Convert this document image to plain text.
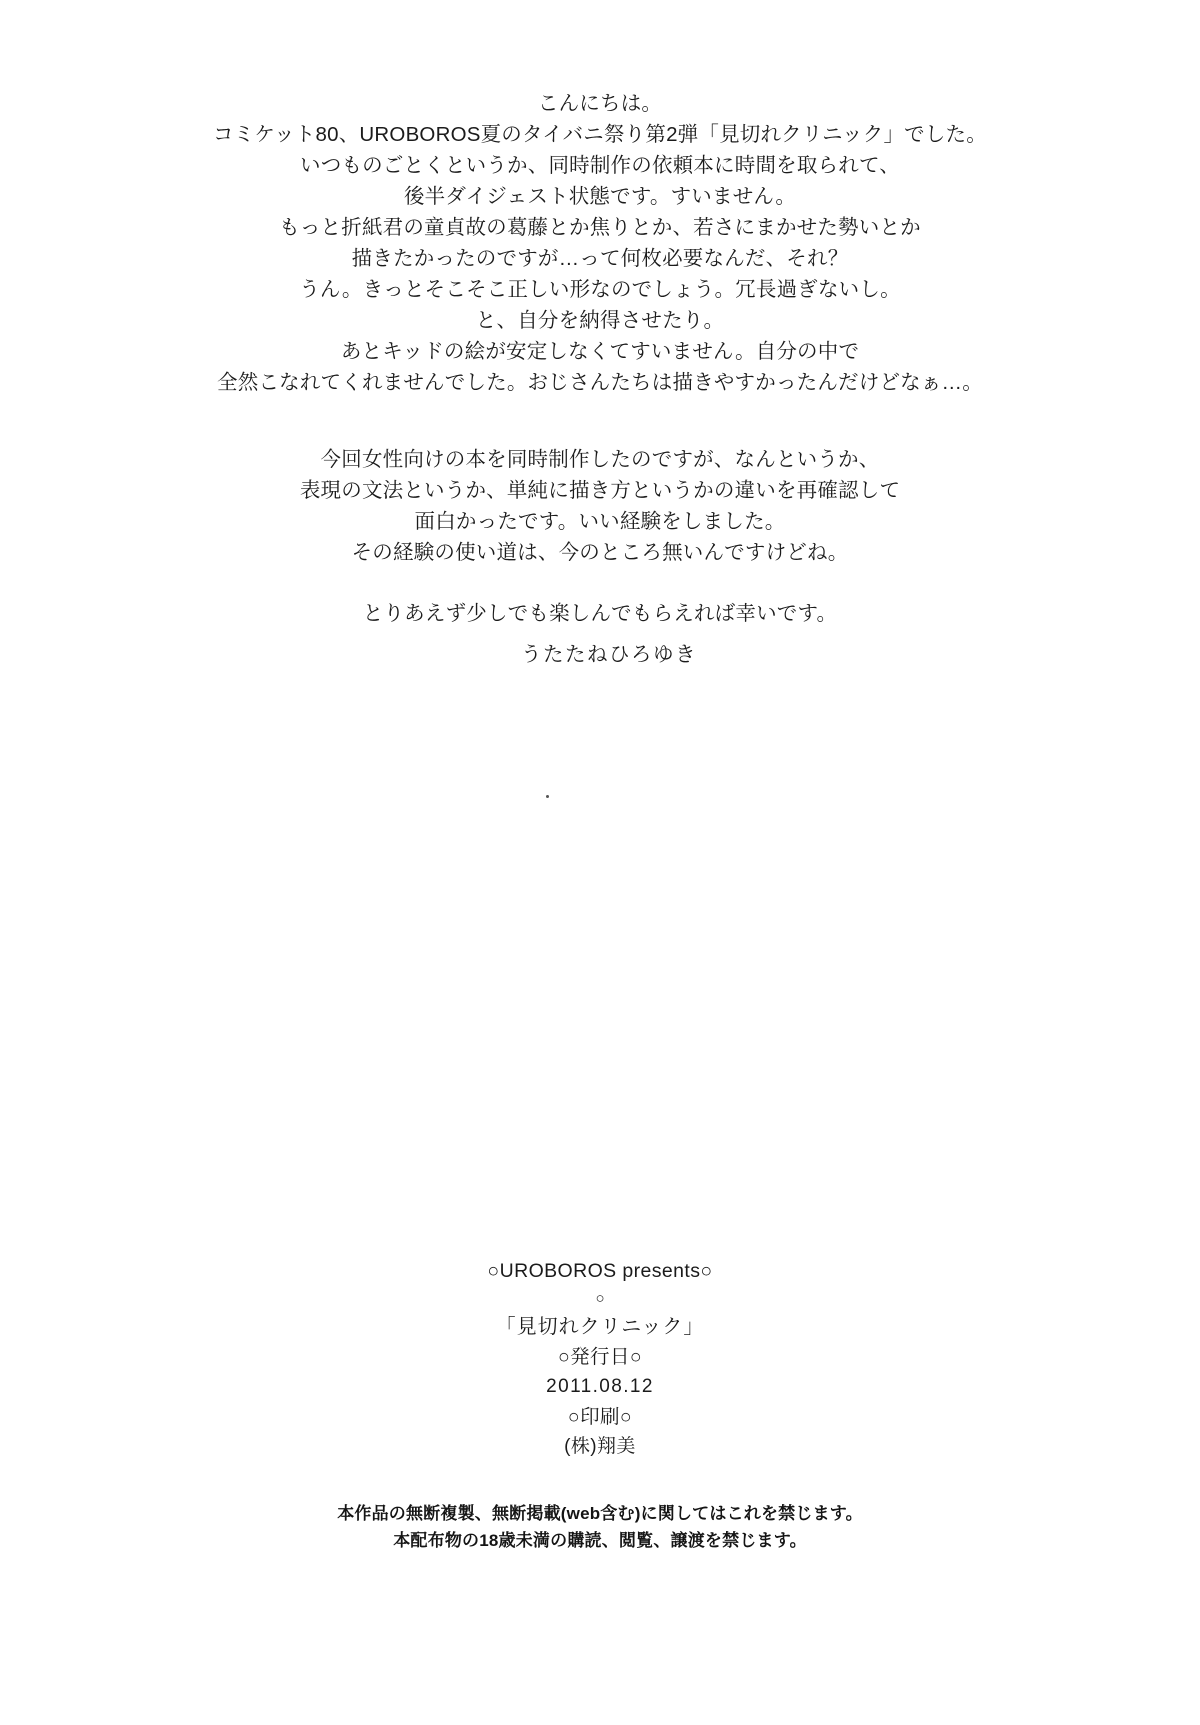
こんにちは。

コミケット80、UROBOROS夏のタイバニ祭り第2弾「見切れクリニック」でした。

いつものごとくというか、同時制作の依頼本に時間を取られて、

後半ダイジェスト状態です。すいません。

もっと折紙君の童貞故の葛藤とか焦りとか、若さにまかせた勢いとか

描きたかったのですが…って何枚必要なんだ、それ？

うん。きっとそこそこ正しい形なのでしょう。冗長過ぎないし。

と、自分を納得させたり。

あとキッドの絵が安定しなくてすいません。自分の中で

全然こなれてくれませんでした。おじさんたちは描きやすかったんだけどなぁ…。

今回女性向けの本を同時制作したのですが、なんというか、

表現の文法というか、単純に描き方というかの違いを再確認して

面白かったです。いい経験をしました。

その経験の使い道は、今のところ無いんですけどね。

とりあえず少しでも楽しんでもらえれば幸いです。

うたたねひろゆき

○UROBOROS presents○

○

「見切れクリニック」

○発行日○

2011.08.12

○印刷○

(株)翔美

本作品の無断複製、無断掲載(web含む)に関してはこれを禁じます。

本配布物の18歳未満の購読、閲覧、譲渡を禁じます。
